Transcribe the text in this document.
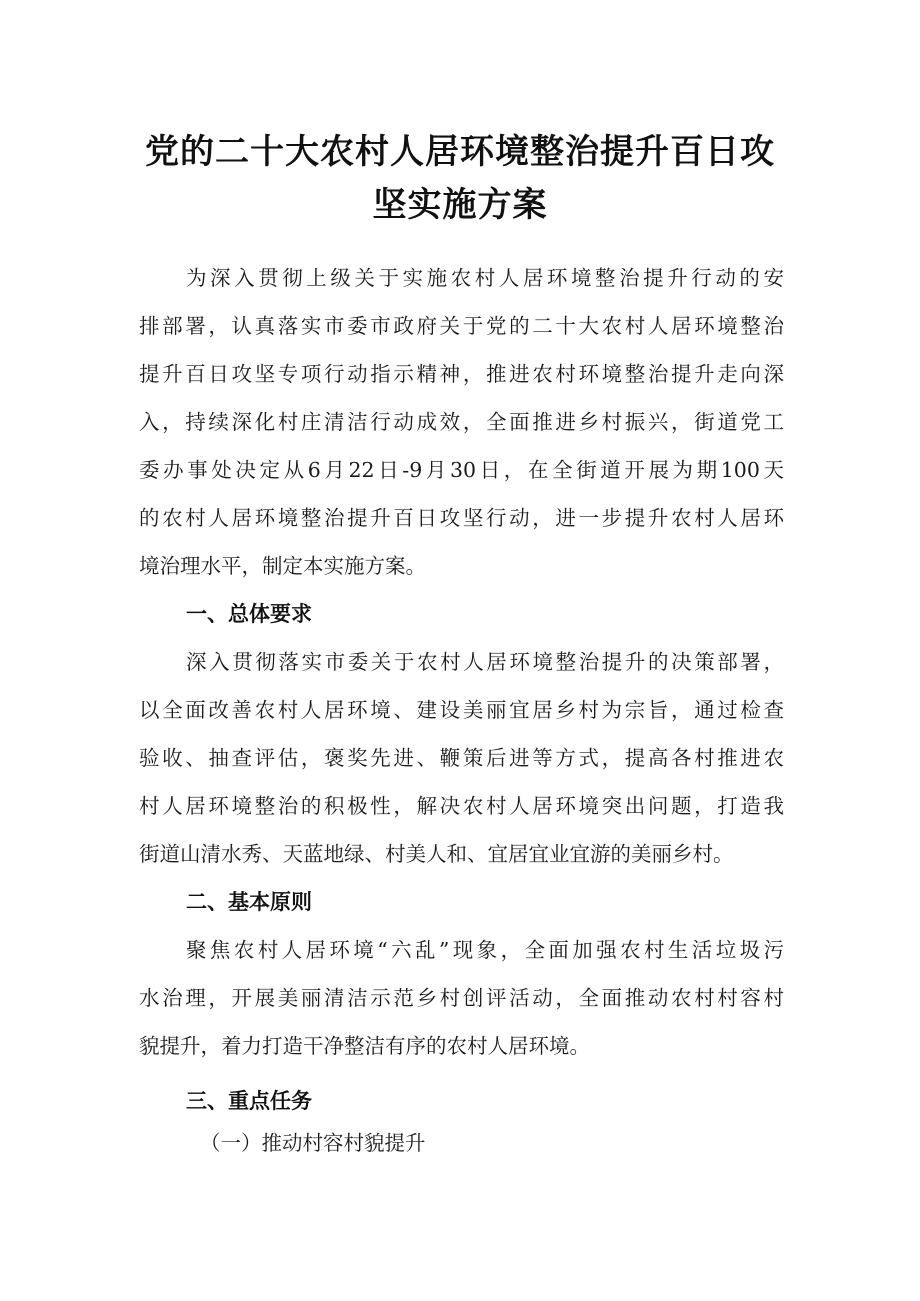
党的二十大农村人居环境整治提升百日攻
坚实施方案
为深入贯彻上级关于实施农村人居环境整治提升行动的安
排部署，认真落实市委市政府关于党的二十大农村人居环境整治
提升百日攻坚专项行动指示精神，推进农村环境整治提升走向深
入，持续深化村庄清洁行动成效，全面推进乡村振兴，街道党工
委办事处决定从6月22日-9月30日，在全街道开展为期100天
的农村人居环境整治提升百日攻坚行动，进一步提升农村人居环
境治理水平，制定本实施方案。
一、总体要求
深入贯彻落实市委关于农村人居环境整治提升的决策部署，
以全面改善农村人居环境、建设美丽宜居乡村为宗旨，通过检查
验收、抽查评估，褒奖先进、鞭策后进等方式，提高各村推进农
村人居环境整治的积极性，解决农村人居环境突出问题，打造我
街道山清水秀、天蓝地绿、村美人和、宜居宜业宜游的美丽乡村。
二、基本原则
聚焦农村人居环境“六乱”现象，全面加强农村生活垃圾污
水治理，开展美丽清洁示范乡村创评活动，全面推动农村村容村
貌提升，着力打造干净整洁有序的农村人居环境。
三、重点任务
（一）推动村容村貌提升
